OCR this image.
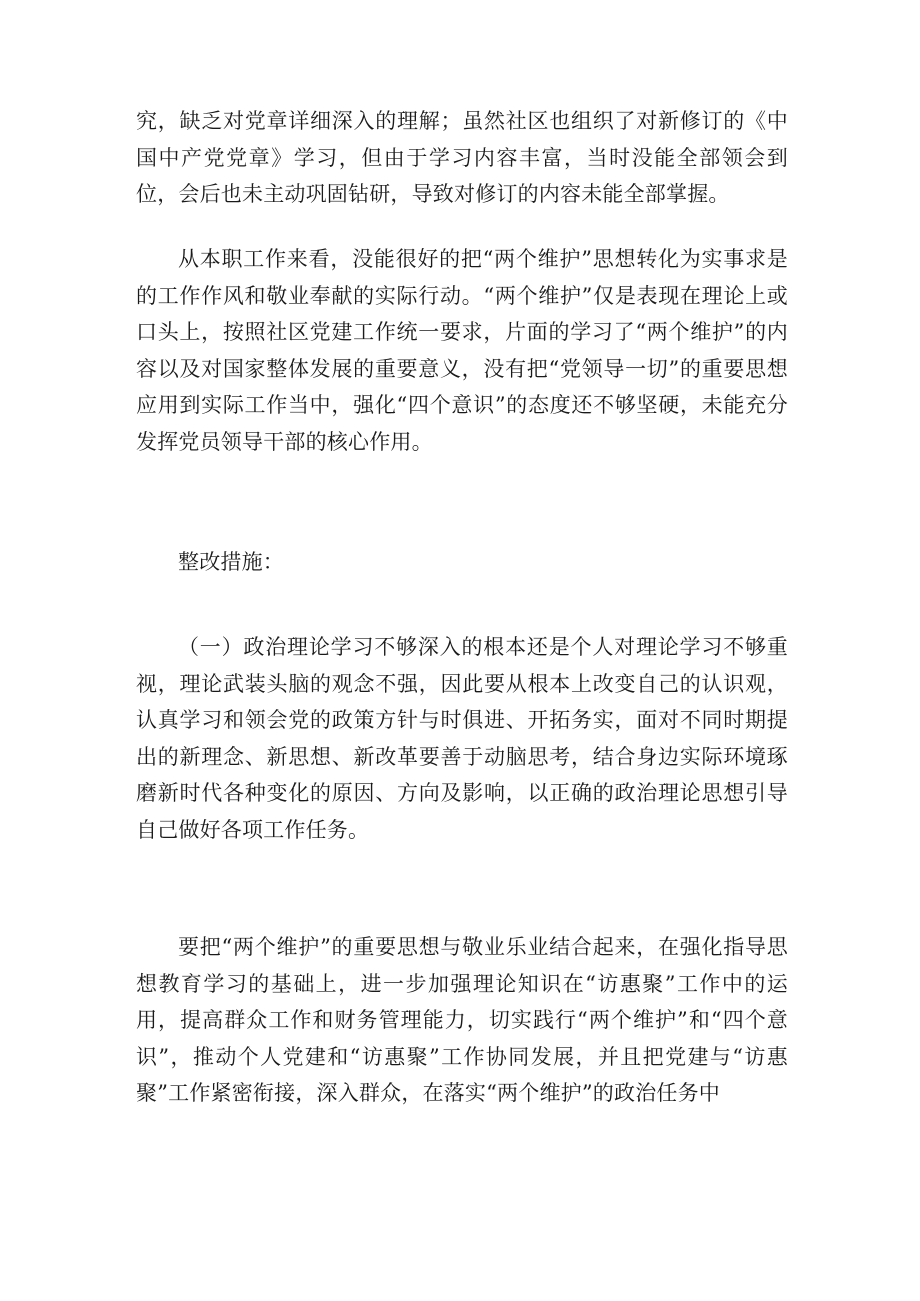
究，缺乏对党章详细深入的理解；虽然社区也组织了对新修订的《中国中产党党章》学习，但由于学习内容丰富，当时没能全部领会到位，会后也未主动巩固钻研，导致对修订的内容未能全部掌握。

从本职工作来看，没能很好的把“两个维护”思想转化为实事求是的工作作风和敬业奉献的实际行动。“两个维护”仅是表现在理论上或口头上，按照社区党建工作统一要求，片面的学习了“两个维护”的内容以及对国家整体发展的重要意义，没有把“党领导一切”的重要思想应用到实际工作当中，强化“四个意识”的态度还不够坚硬，未能充分发挥党员领导干部的核心作用。

整改措施：

（一）政治理论学习不够深入的根本还是个人对理论学习不够重视，理论武装头脑的观念不强，因此要从根本上改变自己的认识观，认真学习和领会党的政策方针与时俱进、开拓务实，面对不同时期提出的新理念、新思想、新改革要善于动脑思考，结合身边实际环境琢磨新时代各种变化的原因、方向及影响，以正确的政治理论思想引导自己做好各项工作任务。

要把“两个维护”的重要思想与敬业乐业结合起来，在强化指导思想教育学习的基础上，进一步加强理论知识在“访惠聚”工作中的运用，提高群众工作和财务管理能力，切实践行“两个维护”和“四个意识”，推动个人党建和“访惠聚”工作协同发展，并且把党建与“访惠聚”工作紧密衔接，深入群众，在落实“两个维护”的政治任务中
